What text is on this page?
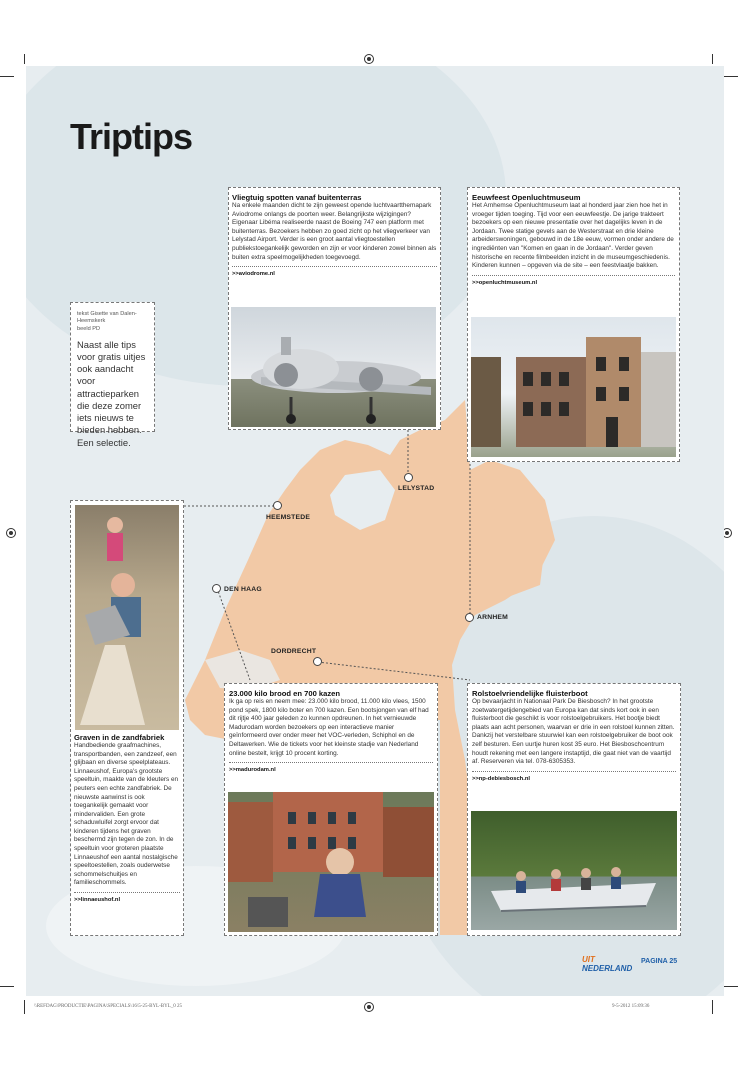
Triptips

tekst Gisette van Dalen-Heemskerk
beeld PD

Naast alle tips voor gratis uitjes ook aandacht voor attractieparken die deze zomer iets nieuws te bieden hebben. Een selectie.

LELYSTAD
HEEMSTEDE
DEN HAAG
ARNHEM
DORDRECHT
Vliegtuig spotten vanaf buitenterras

Na enkele maanden dicht te zijn geweest opende luchtvaartthemapark Aviodrome onlangs de poorten weer. Belangrijkste wijzigingen? Eigenaar Libéma realiseerde naast de Boeing 747 een platform met buitenterras. Bezoekers hebben zo goed zicht op het vliegverkeer van Lelystad Airport. Verder is een groot aantal vliegtoestellen publiekstoegankelijk geworden en zijn er voor kinderen zowel binnen als buiten extra speelmogelijkheden toegevoegd.

>>aviodrome.nl
Eeuwfeest Openluchtmuseum

Het Arnhemse Openluchtmuseum laat al honderd jaar zien hoe het in vroeger tijden toeging. Tijd voor een eeuwfeestje. De jarige trakteert bezoekers op een nieuwe presentatie over het dagelijks leven in de Jordaan. Twee statige gevels aan de Westerstraat en drie kleine arbeiderswoningen, gebouwd in de 18e eeuw, vormen onder andere de ingrediënten van "Komen en gaan in de Jordaan". Verder geven historische en recente filmbeelden inzicht in de museumgeschiedenis. Kinderen kunnen – opgeven via de site – een feestvlaatje bakken.

>>openluchtmuseum.nl
Graven in de zandfabriek

Handbediende graafmachines, transportbanden, een zandzeef, een glijbaan en diverse speelplateaus. Linnaeushof, Europa's grootste speeltuin, maakte van de kleuters en peuters een echte zandfabriek. De nieuwste aanwinst is ook toegankelijk gemaakt voor mindervaliden. Een grote schaduwluifel zorgt ervoor dat kinderen tijdens het graven beschermd zijn tegen de zon. In de speeltuin voor groteren plaatste Linnaeushof een aantal nostalgische speeltoestellen, zoals ouderwetse schommelschuitjes en familieschommels.

>>linnaeushof.nl
23.000 kilo brood en 700 kazen

Ik ga op reis en neem mee: 23.000 kilo brood, 11.000 kilo vlees, 1500 pond spek, 1800 kilo boter en 700 kazen. Een bootsjongen van elf had dit rijtje 400 jaar geleden zo kunnen opdreunen. In het vernieuwde Madurodam worden bezoekers op een interactieve manier geïnformeerd over onder meer het VOC-verleden, Schiphol en de Deltawerken. Wie de tickets voor het kleinste stadje van Nederland online bestelt, krijgt 10 procent korting.

>>madurodam.nl
Rolstoelvriendelijke fluisterboot

Op bevaarjacht in Nationaal Park De Biesbosch? In het grootste zoetwatergetijdengebied van Europa kan dat sinds kort ook in een fluisterboot die geschikt is voor rolstoelgebruikers. Het bootje biedt plaats aan acht personen, waarvan er drie in een rolstoel kunnen zitten. Dankzij het verstelbare stuurwiel kan een rolstoelgebruiker de boot ook zelf besturen. Een uurtje huren kost 35 euro. Het Biesboschcentrum houdt rekening met een langere instaptijd, die gaat niet van de vaartijd af. Reserveren via tel. 078-6305353.

>>np-debiesbosch.nl
UIT
NEDERLAND
PAGINA 25
\\REFDAG\PRODUCTIE\PAGINA\SPECIALS\16\5-25-BYL-BYL_0 25	9-5-2012 15:09:36
